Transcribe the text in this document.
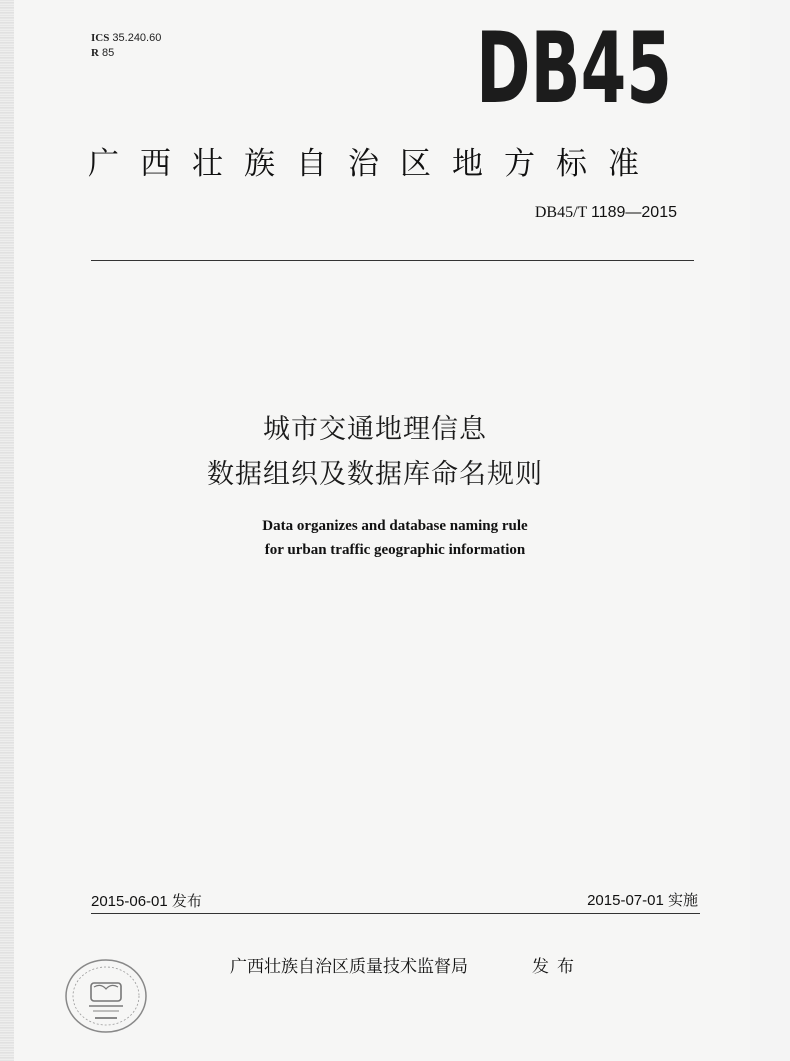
ICS 35.240.60
R 85	DB45
广西壮族自治区地方标准
DB45/T 1189—2015
城市交通地理信息
数据组织及数据库命名规则
Data organizes and database naming rule
for urban traffic geographic information
2015-06-01 发布	2015-07-01 实施
广西壮族自治区质量技术监督局	发布
